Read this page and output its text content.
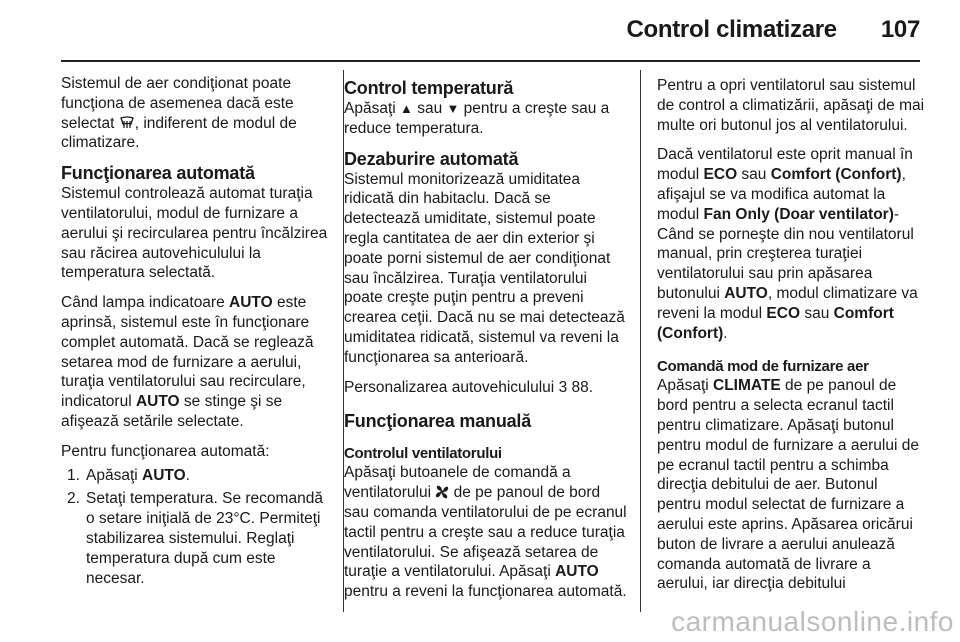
Control climatizare 107

Sistemul de aer condiţionat poate funcţiona de asemenea dacă este selectat , indiferent de modul de climatizare.

Funcţionarea automată

Sistemul controlează automat turaţia ventilatorului, modul de furnizare a aerului şi recircularea pentru încălzirea sau răcirea autovehiculului la temperatura selectată.

Când lampa indicatoare AUTO este aprinsă, sistemul este în funcţionare complet automată. Dacă se reglează setarea mod de furnizare a aerului, turaţia ventilatorului sau recirculare, indicatorul AUTO se stinge şi se afişează setările selectate.

Pentru funcţionarea automată:

1. Apăsaţi AUTO.
2. Setaţi temperatura. Se recomandă o setare iniţială de 23°C. Permiteţi stabilizarea sistemului. Reglaţi temperatura după cum este necesar.
Control temperatură

Apăsaţi ▲ sau ▼ pentru a creşte sau a reduce temperatura.

Dezaburire automată

Sistemul monitorizează umiditatea ridicată din habitaclu. Dacă se detectează umiditate, sistemul poate regla cantitatea de aer din exterior şi poate porni sistemul de aer condiţionat sau încălzirea. Turaţia ventilatorului poate creşte puţin pentru a preveni crearea ceţii. Dacă nu se mai detectează umiditatea ridicată, sistemul va reveni la funcţionarea sa anterioară.

Personalizarea autovehiculului 3 88.

Funcţionarea manuală
Controlul ventilatorului

Apăsaţi butoanele de comandă a ventilatorului  de pe panoul de bord sau comanda ventilatorului de pe ecranul tactil pentru a creşte sau a reduce turaţia ventilatorului. Se afişează setarea de turaţie a ventilatorului. Apăsaţi AUTO pentru a reveni la funcţionarea automată.

Pentru a opri ventilatorul sau sistemul de control a climatizării, apăsaţi de mai multe ori butonul jos al ventilatorului.

Dacă ventilatorul este oprit manual în modul ECO sau Comfort (Confort), afişajul se va modifica automat la modul Fan Only (Doar ventilator)- Când se porneşte din nou ventilatorul manual, prin creşterea turaţiei ventilatorului sau prin apăsarea butonului AUTO, modul climatizare va reveni la modul ECO sau Comfort (Confort).

Comandă mod de furnizare aer

Apăsaţi CLIMATE de pe panoul de bord pentru a selecta ecranul tactil pentru climatizare. Apăsaţi butonul pentru modul de furnizare a aerului de pe ecranul tactil pentru a schimba direcţia debitului de aer. Butonul pentru modul selectat de furnizare a aerului este aprins. Apăsarea oricărui buton de livrare a aerului anulează comanda automată de livrare a aerului, iar direcţia debitului

carmanualsonline.info
